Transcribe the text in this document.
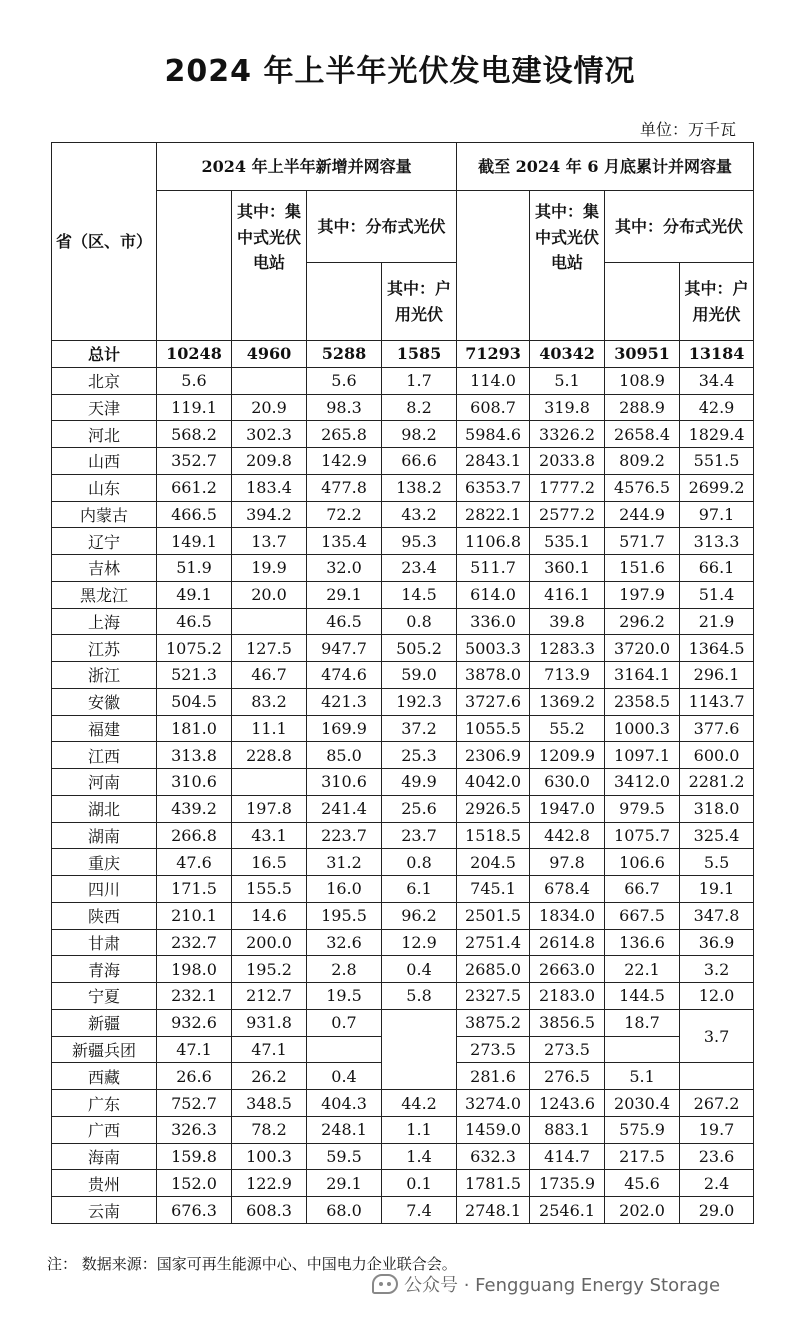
2024 年上半年光伏发电建设情况
单位：万千瓦
省（区、市）	2024 年上半年新增并网容量				截至 2024 年 6 月底累计并网容量			
		其中：集中式光伏电站	其中：分布式光伏			其中：集中式光伏电站	其中：分布式光伏	
				其中：户用光伏				其中：户用光伏
总计	10248	4960	5288	1585	71293	40342	30951	13184
北京	5.6		5.6	1.7	114.0	5.1	108.9	34.4
天津	119.1	20.9	98.3	8.2	608.7	319.8	288.9	42.9
河北	568.2	302.3	265.8	98.2	5984.6	3326.2	2658.4	1829.4
山西	352.7	209.8	142.9	66.6	2843.1	2033.8	809.2	551.5
山东	661.2	183.4	477.8	138.2	6353.7	1777.2	4576.5	2699.2
内蒙古	466.5	394.2	72.2	43.2	2822.1	2577.2	244.9	97.1
辽宁	149.1	13.7	135.4	95.3	1106.8	535.1	571.7	313.3
吉林	51.9	19.9	32.0	23.4	511.7	360.1	151.6	66.1
黑龙江	49.1	20.0	29.1	14.5	614.0	416.1	197.9	51.4
上海	46.5		46.5	0.8	336.0	39.8	296.2	21.9
江苏	1075.2	127.5	947.7	505.2	5003.3	1283.3	3720.0	1364.5
浙江	521.3	46.7	474.6	59.0	3878.0	713.9	3164.1	296.1
安徽	504.5	83.2	421.3	192.3	3727.6	1369.2	2358.5	1143.7
福建	181.0	11.1	169.9	37.2	1055.5	55.2	1000.3	377.6
江西	313.8	228.8	85.0	25.3	2306.9	1209.9	1097.1	600.0
河南	310.6		310.6	49.9	4042.0	630.0	3412.0	2281.2
湖北	439.2	197.8	241.4	25.6	2926.5	1947.0	979.5	318.0
湖南	266.8	43.1	223.7	23.7	1518.5	442.8	1075.7	325.4
重庆	47.6	16.5	31.2	0.8	204.5	97.8	106.6	5.5
四川	171.5	155.5	16.0	6.1	745.1	678.4	66.7	19.1
陕西	210.1	14.6	195.5	96.2	2501.5	1834.0	667.5	347.8
甘肃	232.7	200.0	32.6	12.9	2751.4	2614.8	136.6	36.9
青海	198.0	195.2	2.8	0.4	2685.0	2663.0	22.1	3.2
宁夏	232.1	212.7	19.5	5.8	2327.5	2183.0	144.5	12.0
新疆	932.6	931.8	0.7		3875.2	3856.5	18.7	3.7
新疆兵团	47.1	47.1			273.5	273.5		
西藏	26.6	26.2	0.4		281.6	276.5	5.1	
广东	752.7	348.5	404.3	44.2	3274.0	1243.6	2030.4	267.2
广西	326.3	78.2	248.1	1.1	1459.0	883.1	575.9	19.7
海南	159.8	100.3	59.5	1.4	632.3	414.7	217.5	23.6
贵州	152.0	122.9	29.1	0.1	1781.5	1735.9	45.6	2.4
云南	676.3	608.3	68.0	7.4	2748.1	2546.1	202.0	29.0
注： 数据来源：国家可再生能源中心、中国电力企业联合会。
公众号 · Fengguang Energy Storage
